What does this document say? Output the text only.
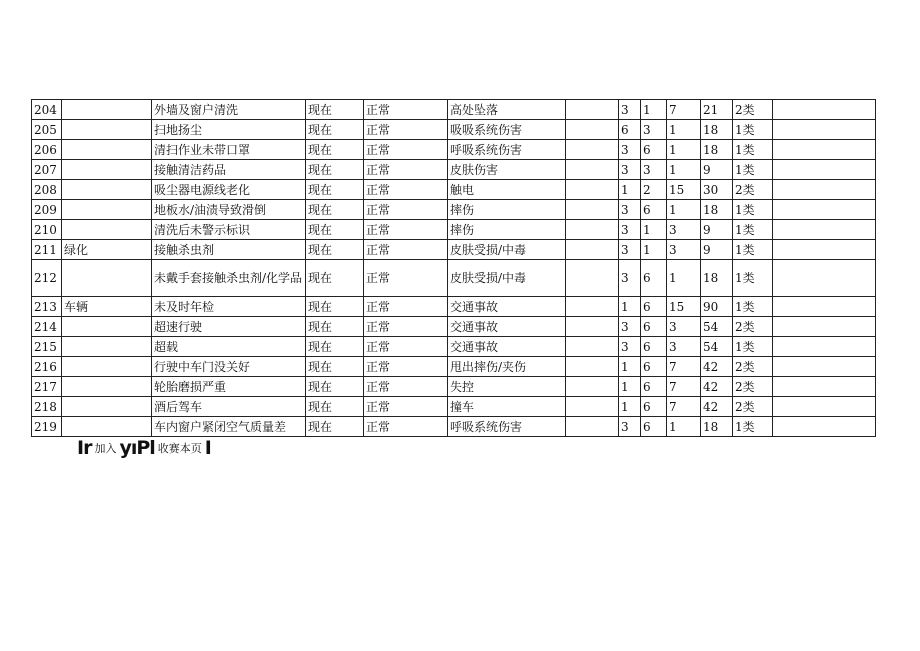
204		外墙及窗户清洗	现在	正常	高处坠落		3	1	7	21	2类	
205		扫地扬尘	现在	正常	吸吸系统伤害		6	3	1	18	1类	
206		清扫作业未带口罩	现在	正常	呼吸系统伤害		3	6	1	18	1类	
207		接触清洁药品	现在	正常	皮肤伤害		3	3	1	9	1类	
208		吸尘器电源线老化	现在	正常	触电		1	2	15	30	2类	
209		地板水/油渍导致滑倒	现在	正常	摔伤		3	6	1	18	1类	
210		清洗后未警示标识	现在	正常	摔伤		3	1	3	9	1类	
211	绿化	接触杀虫剂	现在	正常	皮肤受损/中毒		3	1	3	9	1类	
212		未戴手套接触杀虫剂/化学品	现在	正常	皮肤受损/中毒		3	6	1	18	1类	
213	车辆	未及时年检	现在	正常	交通事故		1	6	15	90	1类	
214		超速行驶	现在	正常	交通事故		3	6	3	54	2类	
215		超载	现在	正常	交通事故		3	6	3	54	1类	
216		行驶中车门没关好	现在	正常	甩出摔伤/夹伤		1	6	7	42	2类	
217		轮胎磨损严重	现在	正常	失控		1	6	7	42	2类	
218		酒后驾车	现在	正常	撞车		1	6	7	42	2类	
219		车内窗户紧闭空气质量差	现在	正常	呼吸系统伤害		3	6	1	18	1类	
Ir 加入 yıPl 收赛本页 I
